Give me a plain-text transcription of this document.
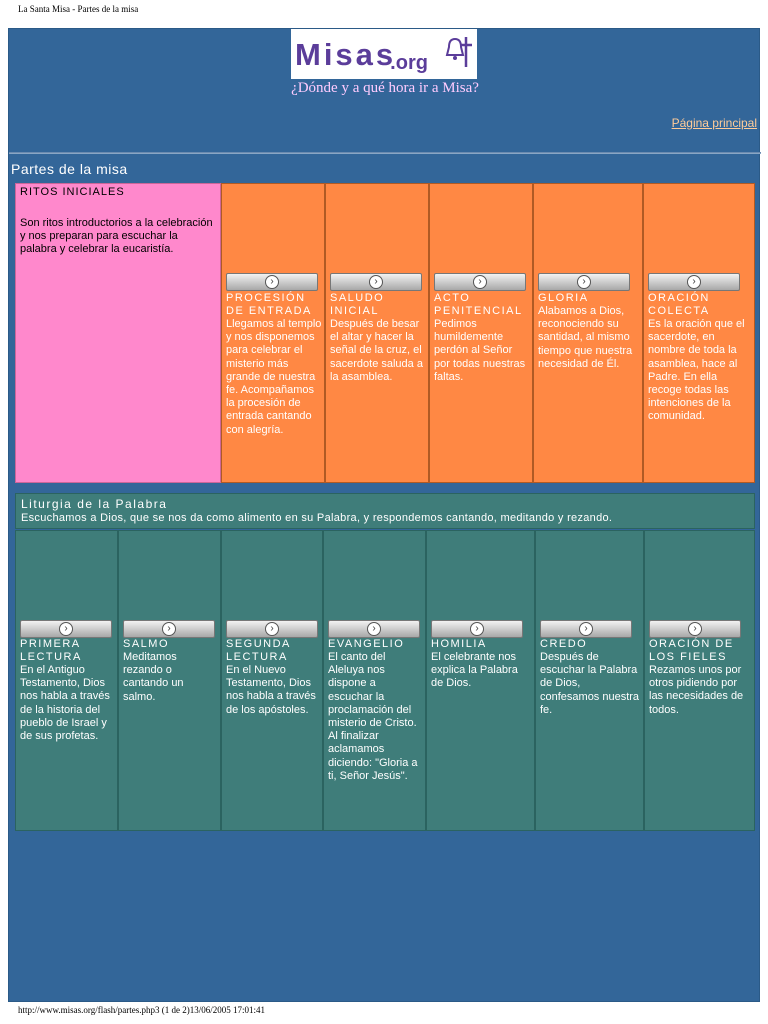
La Santa Misa - Partes de la misa
Misas
.org
¿Dónde y a qué hora ir a Misa?
Página principal
Partes de la misa
RITOS INICIALES
Son ritos introductorios a la celebración y nos preparan para escuchar la palabra y celebrar la eucaristía.
›
PROCESIÓN DE ENTRADA
Llegamos al templo y nos disponemos para celebrar el misterio más grande de nuestra fe. Acompañamos la procesión de entrada cantando con alegría.
›
SALUDO INICIAL
Después de besar el altar y hacer la señal de la cruz, el sacerdote saluda a la asamblea.
›
ACTO PENITENCIAL
Pedimos humildemente perdón al Señor por todas nuestras faltas.
›
GLORIA
Alabamos a Dios, reconociendo su santidad, al mismo tiempo que nuestra necesidad de Él.
›
ORACIÓN COLECTA
Es la oración que el sacerdote, en nombre de toda la asamblea, hace al Padre. En ella recoge todas las intenciones de la comunidad.
Liturgia de la Palabra
Escuchamos a Dios, que se nos da como alimento en su Palabra, y respondemos cantando, meditando y rezando.
›
PRIMERA LECTURA
En el Antiguo Testamento, Dios nos habla a través de la historia del pueblo de Israel y de sus profetas.
›
SALMO
Meditamos rezando o cantando un salmo.
›
SEGUNDA LECTURA
En el Nuevo Testamento, Dios nos habla a través de los apóstoles.
›
EVANGELIO
El canto del Aleluya nos dispone a escuchar la proclamación del misterio de Cristo. Al finalizar aclamamos diciendo: "Gloria a ti, Señor Jesús".
›
HOMILIA
El celebrante nos explica la Palabra de Dios.
›
CREDO
Después de escuchar la Palabra de Dios, confesamos nuestra fe.
›
ORACIÓN DE LOS FIELES
Rezamos unos por otros pidiendo por las necesidades de todos.
http://www.misas.org/flash/partes.php3 (1 de 2)13/06/2005 17:01:41
